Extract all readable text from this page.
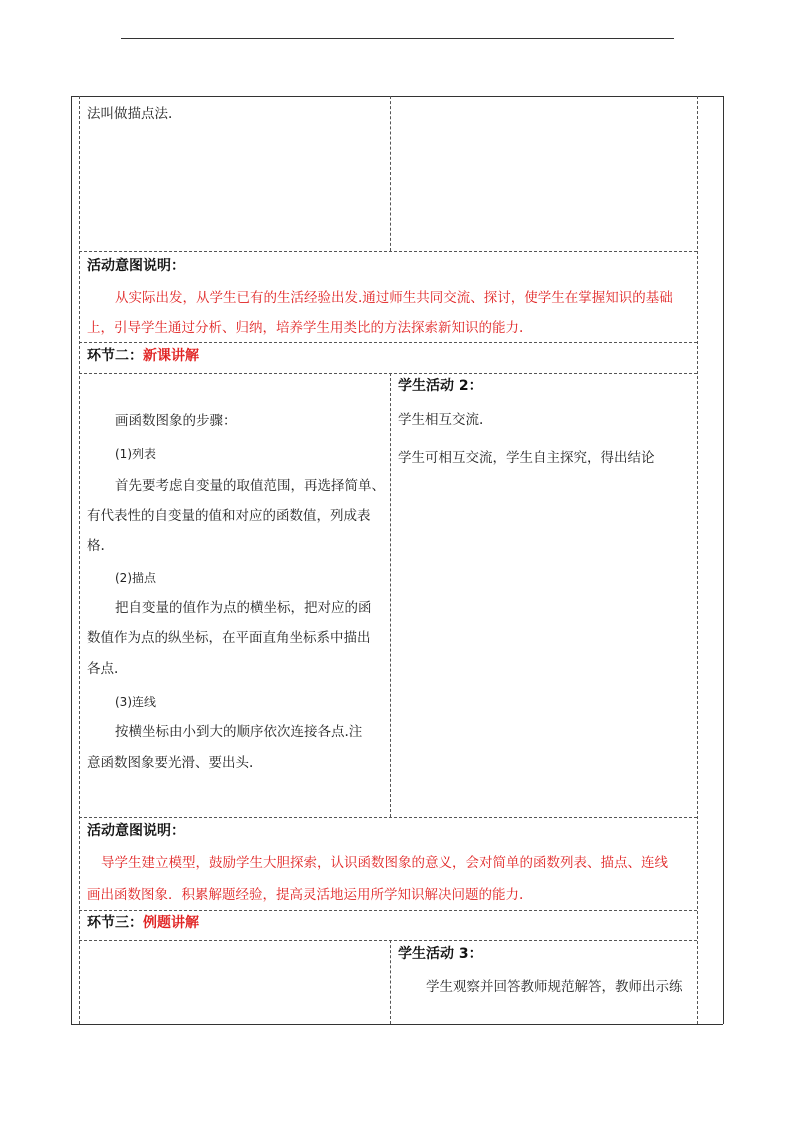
法叫做描点法.
活动意图说明：
从实际出发，从学生已有的生活经验出发.通过师生共同交流、探讨，使学生在掌握知识的基础
上，引导学生通过分析、归纳，培养学生用类比的方法探索新知识的能力.
环节二：新课讲解
画函数图象的步骤：
(1)列表
首先要考虑自变量的取值范围，再选择简单、
有代表性的自变量的值和对应的函数值，列成表
格.
(2)描点
把自变量的值作为点的横坐标，把对应的函
数值作为点的纵坐标，在平面直角坐标系中描出
各点.
(3)连线
按横坐标由小到大的顺序依次连接各点.注
意函数图象要光滑、要出头.
学生活动 2：
学生相互交流.
学生可相互交流，学生自主探究，得出结论
活动意图说明：
导学生建立模型，鼓励学生大胆探索，认识函数图象的意义，会对简单的函数列表、描点、连线
画出函数图象．积累解题经验，提高灵活地运用所学知识解决问题的能力.
环节三：例题讲解
学生活动 3：
学生观察并回答教师规范解答，教师出示练
